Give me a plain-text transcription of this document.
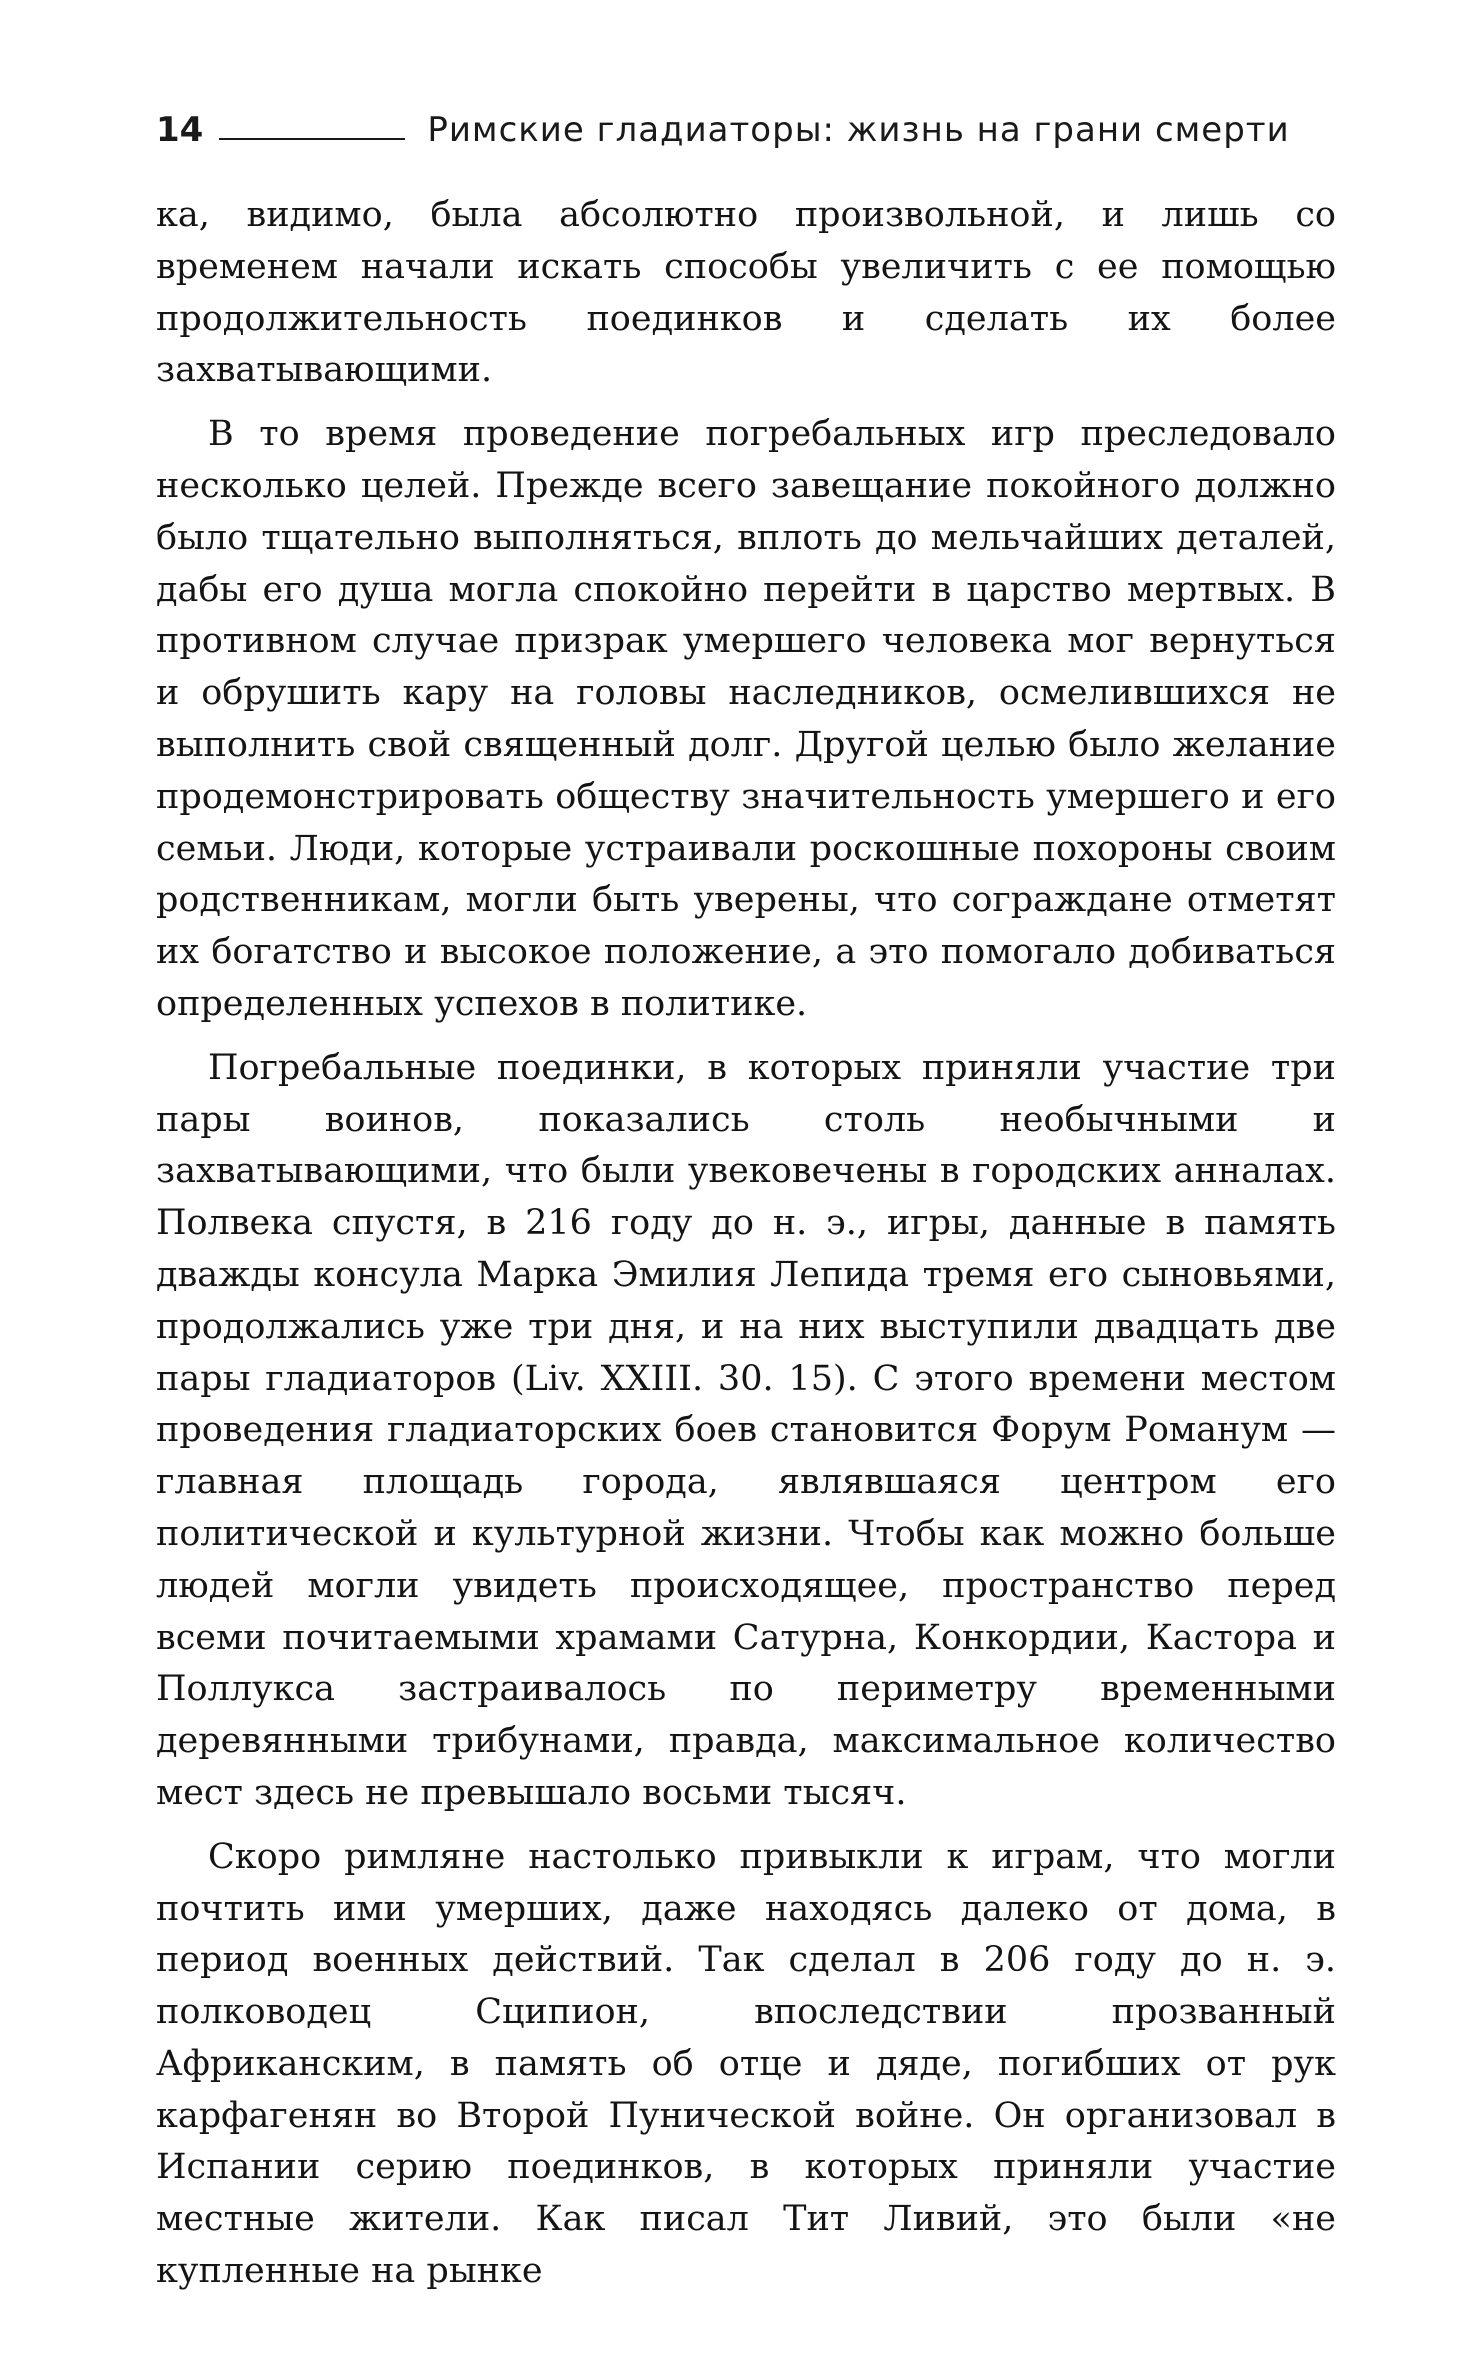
14	Римские гладиаторы: жизнь на грани смерти

ка, видимо, была абсолютно произвольной, и лишь со временем начали искать способы увеличить с ее помощью продолжительность поединков и сделать их более захватывающими.

В то время проведение погребальных игр преследовало несколько целей. Прежде всего завещание покойного должно было тщательно выполняться, вплоть до мельчайших деталей, дабы его душа могла спокойно перейти в царство мертвых. В противном случае призрак умершего человека мог вернуться и обрушить кару на головы наследников, осмелившихся не выполнить свой священный долг. Другой целью было желание продемонстрировать обществу значительность умершего и его семьи. Люди, которые устраивали роскошные похороны своим родственникам, могли быть уверены, что сограждане отметят их богатство и высокое положение, а это помогало добиваться определенных успехов в политике.

Погребальные поединки, в которых приняли участие три пары воинов, показались столь необычными и захватывающими, что были увековечены в городских анналах. Полвека спустя, в 216 году до н. э., игры, данные в память дважды консула Марка Эмилия Лепида тремя его сыновьями, продолжались уже три дня, и на них выступили двадцать две пары гладиаторов (Liv. XXIII. 30. 15). С этого времени местом проведения гладиаторских боев становится Форум Романум — главная площадь города, являвшаяся центром его политической и культурной жизни. Чтобы как можно больше людей могли увидеть происходящее, пространство перед всеми почитаемыми храмами Сатурна, Конкордии, Кастора и Поллукса застраивалось по периметру временными деревянными трибунами, правда, максимальное количество мест здесь не превышало восьми тысяч.

Скоро римляне настолько привыкли к играм, что могли почтить ими умерших, даже находясь далеко от дома, в период военных действий. Так сделал в 206 году до н. э. полководец Сципион, впоследствии прозванный Африканским, в память об отце и дяде, погибших от рук карфагенян во Второй Пунической войне. Он организовал в Испании серию поединков, в которых приняли участие местные жители. Как писал Тит Ливий, это были «не купленные на рынке
